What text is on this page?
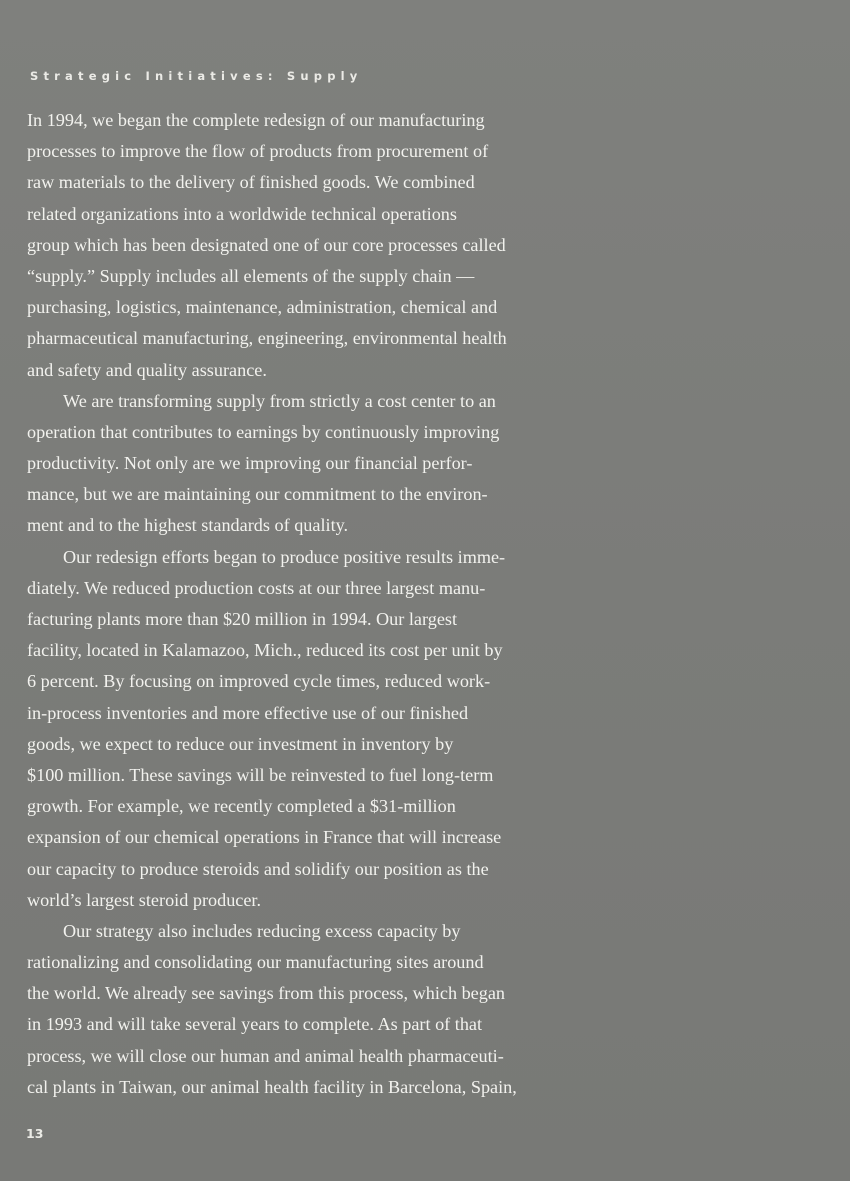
Strategic Initiatives: Supply
In 1994, we began the complete redesign of our manufacturing
processes to improve the flow of products from procurement of
raw materials to the delivery of finished goods. We combined
related organizations into a worldwide technical operations
group which has been designated one of our core processes called
“supply.” Supply includes all elements of the supply chain —
purchasing, logistics, maintenance, administration, chemical and
pharmaceutical manufacturing, engineering, environmental health
and safety and quality assurance.
We are transforming supply from strictly a cost center to an
operation that contributes to earnings by continuously improving
productivity. Not only are we improving our financial perfor-
mance, but we are maintaining our commitment to the environ-
ment and to the highest standards of quality.
Our redesign efforts began to produce positive results imme-
diately. We reduced production costs at our three largest manu-
facturing plants more than $20 million in 1994. Our largest
facility, located in Kalamazoo, Mich., reduced its cost per unit by
6 percent. By focusing on improved cycle times, reduced work-
in-process inventories and more effective use of our finished
goods, we expect to reduce our investment in inventory by
$100 million. These savings will be reinvested to fuel long-term
growth. For example, we recently completed a $31-million
expansion of our chemical operations in France that will increase
our capacity to produce steroids and solidify our position as the
world’s largest steroid producer.
Our strategy also includes reducing excess capacity by
rationalizing and consolidating our manufacturing sites around
the world. We already see savings from this process, which began
in 1993 and will take several years to complete. As part of that
process, we will close our human and animal health pharmaceuti-
cal plants in Taiwan, our animal health facility in Barcelona, Spain,
13
